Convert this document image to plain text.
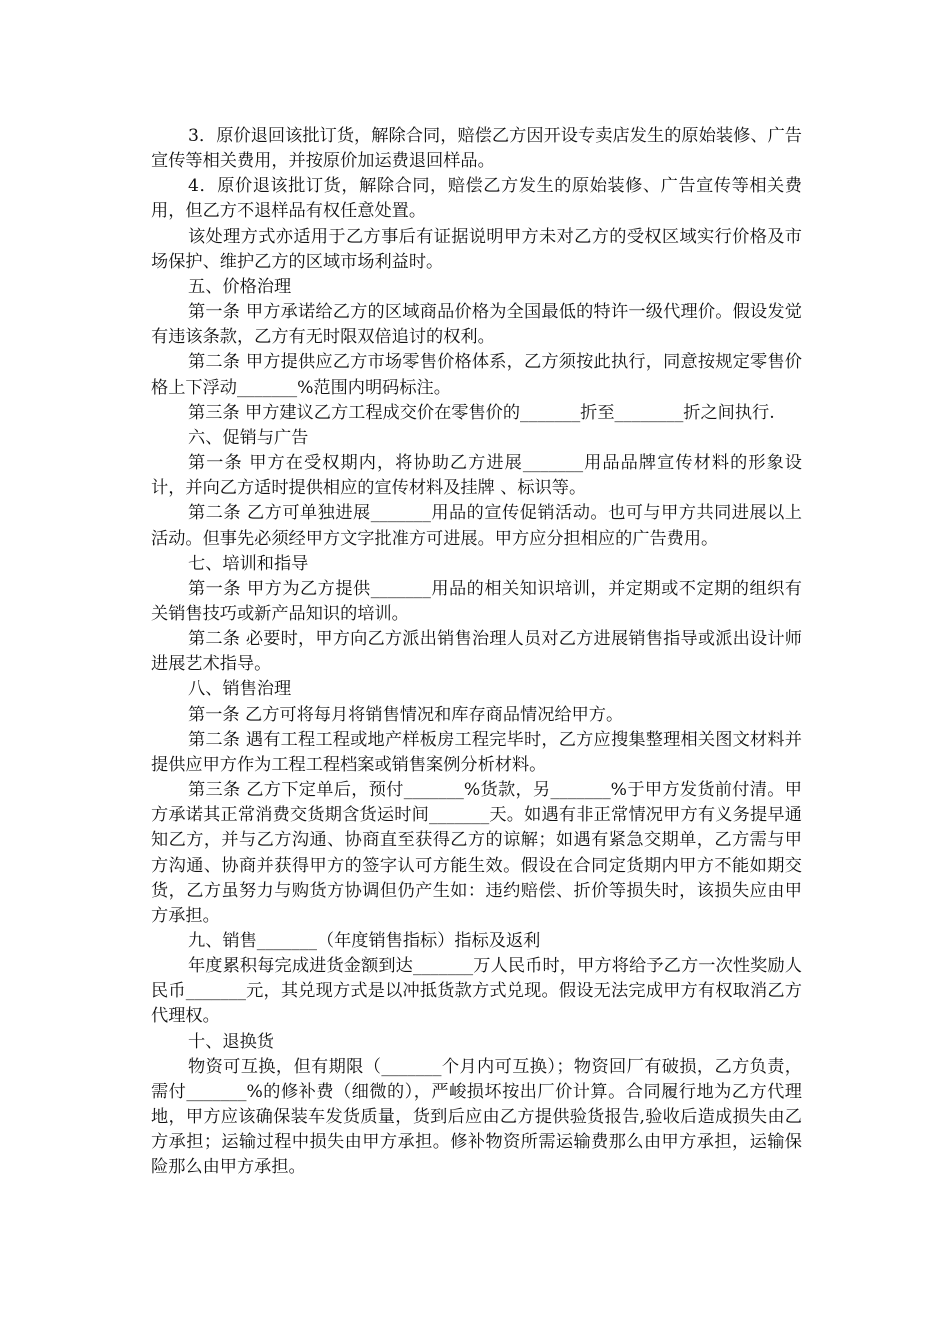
3．原价退回该批订货，解除合同，赔偿乙方因开设专卖店发生的原始装修、广告宣传等相关费用，并按原价加运费退回样品。

4．原价退该批订货，解除合同，赔偿乙方发生的原始装修、广告宣传等相关费用，但乙方不退样品有权任意处置。

该处理方式亦适用于乙方事后有证据说明甲方未对乙方的受权区域实行价格及市场保护、维护乙方的区域市场利益时。

五、价格治理

第一条 甲方承诺给乙方的区域商品价格为全国最低的特许一级代理价。假设发觉有违该条款，乙方有无时限双倍追讨的权利。

第二条 甲方提供应乙方市场零售价格体系，乙方须按此执行，同意按规定零售价格上下浮动_______%范围内明码标注。

第三条 甲方建议乙方工程成交价在零售价的_______折至________折之间执行.

六、促销与广告

第一条 甲方在受权期内，将协助乙方进展_______用品品牌宣传材料的形象设计，并向乙方适时提供相应的宣传材料及挂牌 、标识等。

第二条 乙方可单独进展_______用品的宣传促销活动。也可与甲方共同进展以上活动。但事先必须经甲方文字批准方可进展。甲方应分担相应的广告费用。

七、培训和指导

第一条 甲方为乙方提供_______用品的相关知识培训，并定期或不定期的组织有关销售技巧或新产品知识的培训。

第二条 必要时，甲方向乙方派出销售治理人员对乙方进展销售指导或派出设计师进展艺术指导。

八、销售治理

第一条 乙方可将每月将销售情况和库存商品情况给甲方。

第二条 遇有工程工程或地产样板房工程完毕时，乙方应搜集整理相关图文材料并提供应甲方作为工程工程档案或销售案例分析材料。

第三条 乙方下定单后，预付_______%货款，另_______%于甲方发货前付清。甲方承诺其正常消费交货期含货运时间_______天。如遇有非正常情况甲方有义务提早通知乙方，并与乙方沟通、协商直至获得乙方的谅解；如遇有紧急交期单，乙方需与甲方沟通、协商并获得甲方的签字认可方能生效。假设在合同定货期内甲方不能如期交货，乙方虽努力与购货方协调但仍产生如：违约赔偿、折价等损失时，该损失应由甲方承担。

九、销售_______（年度销售指标）指标及返利

年度累积每完成进货金额到达_______万人民币时，甲方将给予乙方一次性奖励人民币_______元，其兑现方式是以冲抵货款方式兑现。假设无法完成甲方有权取消乙方代理权。

十、退换货

物资可互换，但有期限（_______个月内可互换）；物资回厂有破损，乙方负责，需付_______%的修补费（细微的），严峻损坏按出厂价计算。合同履行地为乙方代理地，甲方应该确保装车发货质量，货到后应由乙方提供验货报告,验收后造成损失由乙方承担；运输过程中损失由甲方承担。修补物资所需运输费那么由甲方承担，运输保险那么由甲方承担。
